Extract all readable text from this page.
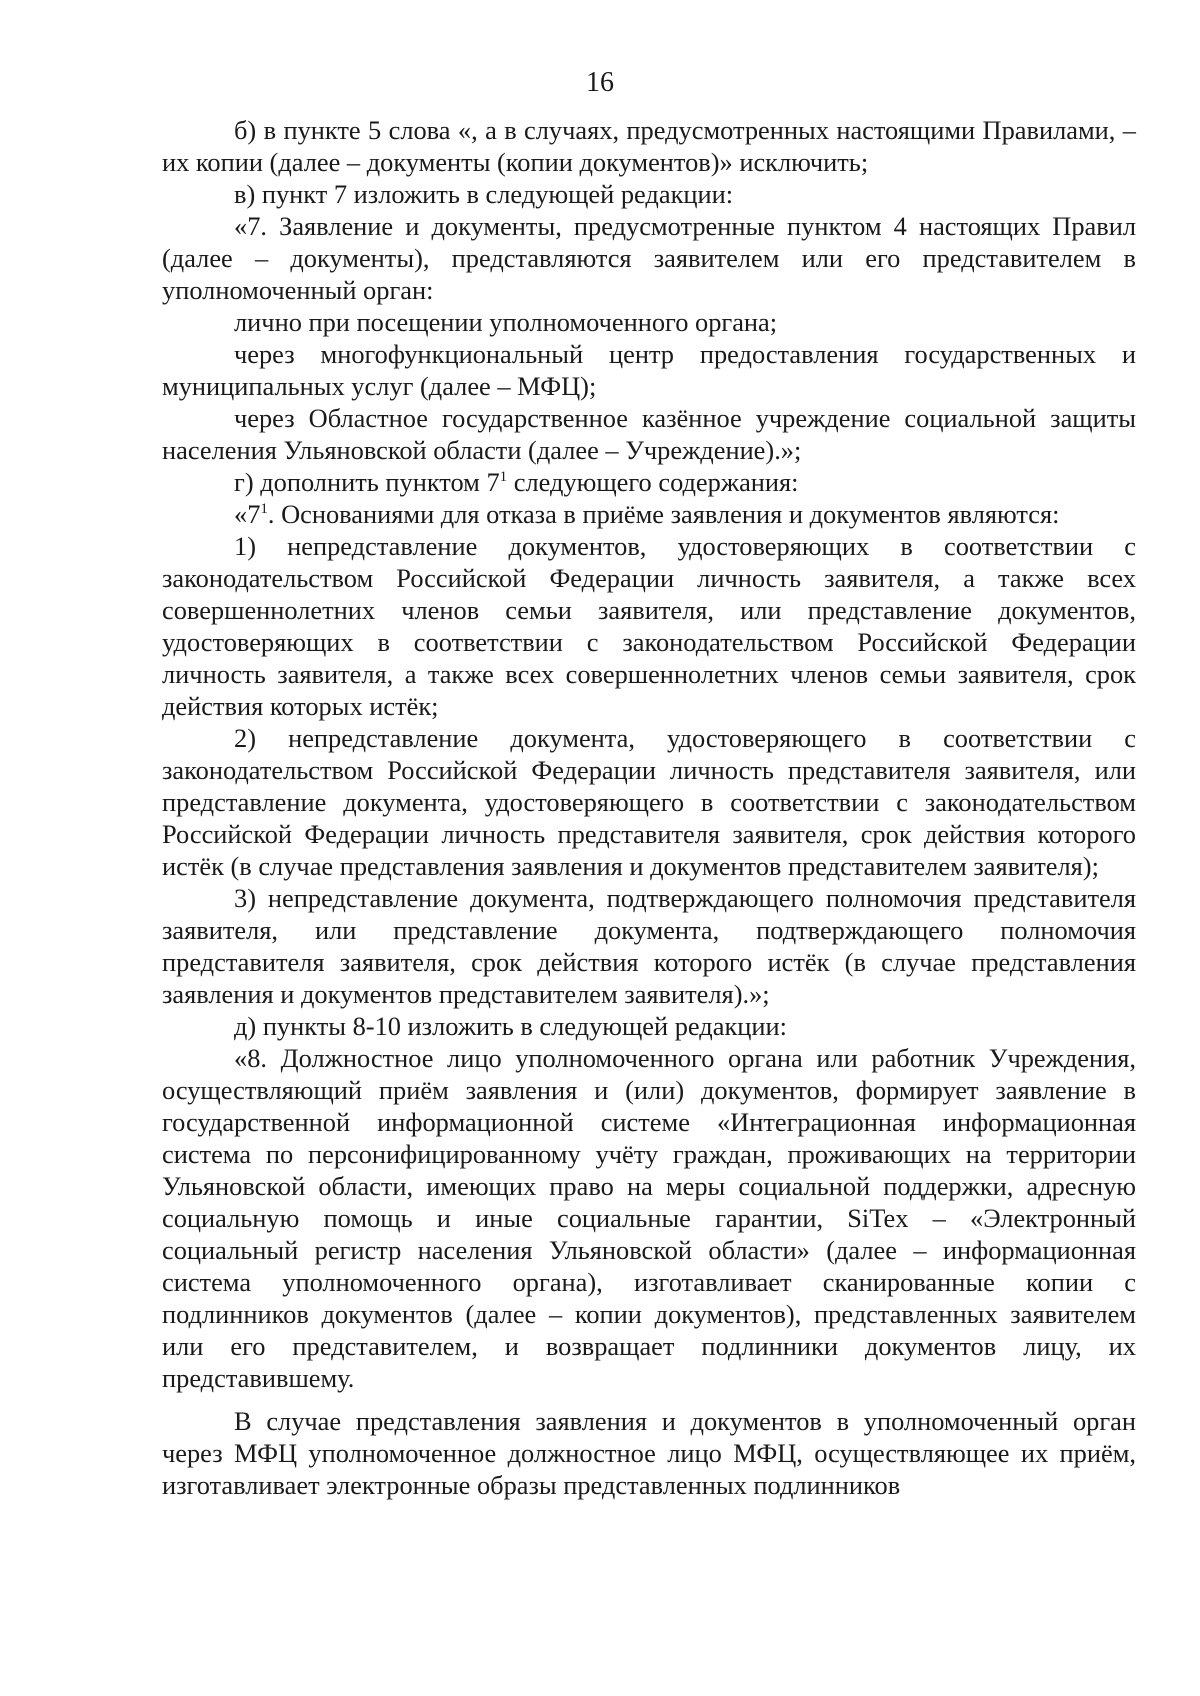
16

б) в пункте 5 слова «, а в случаях, предусмотренных настоящими Правилами, – их копии (далее – документы (копии документов)» исключить;

в) пункт 7 изложить в следующей редакции:

«7. Заявление и документы, предусмотренные пунктом 4 настоящих Правил (далее – документы), представляются заявителем или его представителем в уполномоченный орган:

лично при посещении уполномоченного органа;

через многофункциональный центр предоставления государственных и муниципальных услуг (далее – МФЦ);

через Областное государственное казённое учреждение социальной защиты населения Ульяновской области (далее – Учреждение).»;

г) дополнить пунктом $7^1$ следующего содержания:

«$7^1$. Основаниями для отказа в приёме заявления и документов являются:

1) непредставление документов, удостоверяющих в соответствии с законодательством Российской Федерации личность заявителя, а также всех совершеннолетних членов семьи заявителя, или представление документов, удостоверяющих в соответствии с законодательством Российской Федерации личность заявителя, а также всех совершеннолетних членов семьи заявителя, срок действия которых истёк;

2) непредставление документа, удостоверяющего в соответствии с законодательством Российской Федерации личность представителя заявителя, или представление документа, удостоверяющего в соответствии с законодательством Российской Федерации личность представителя заявителя, срок действия которого истёк (в случае представления заявления и документов представителем заявителя);

3) непредставление документа, подтверждающего полномочия представителя заявителя, или представление документа, подтверждающего полномочия представителя заявителя, срок действия которого истёк (в случае представления заявления и документов представителем заявителя).»;

д) пункты 8-10 изложить в следующей редакции:

«8. Должностное лицо уполномоченного органа или работник Учреждения, осуществляющий приём заявления и (или) документов, формирует заявление в государственной информационной системе «Интеграционная информационная система по персонифицированному учёту граждан, проживающих на территории Ульяновской области, имеющих право на меры социальной поддержки, адресную социальную помощь и иные социальные гарантии, SiTex – «Электронный социальный регистр населения Ульяновской области» (далее – информационная система уполномоченного органа), изготавливает сканированные копии с подлинников документов (далее – копии документов), представленных заявителем или его представителем, и возвращает подлинники документов лицу, их представившему.

В случае представления заявления и документов в уполномоченный орган через МФЦ уполномоченное должностное лицо МФЦ, осуществляющее их приём, изготавливает электронные образы представленных подлинников
